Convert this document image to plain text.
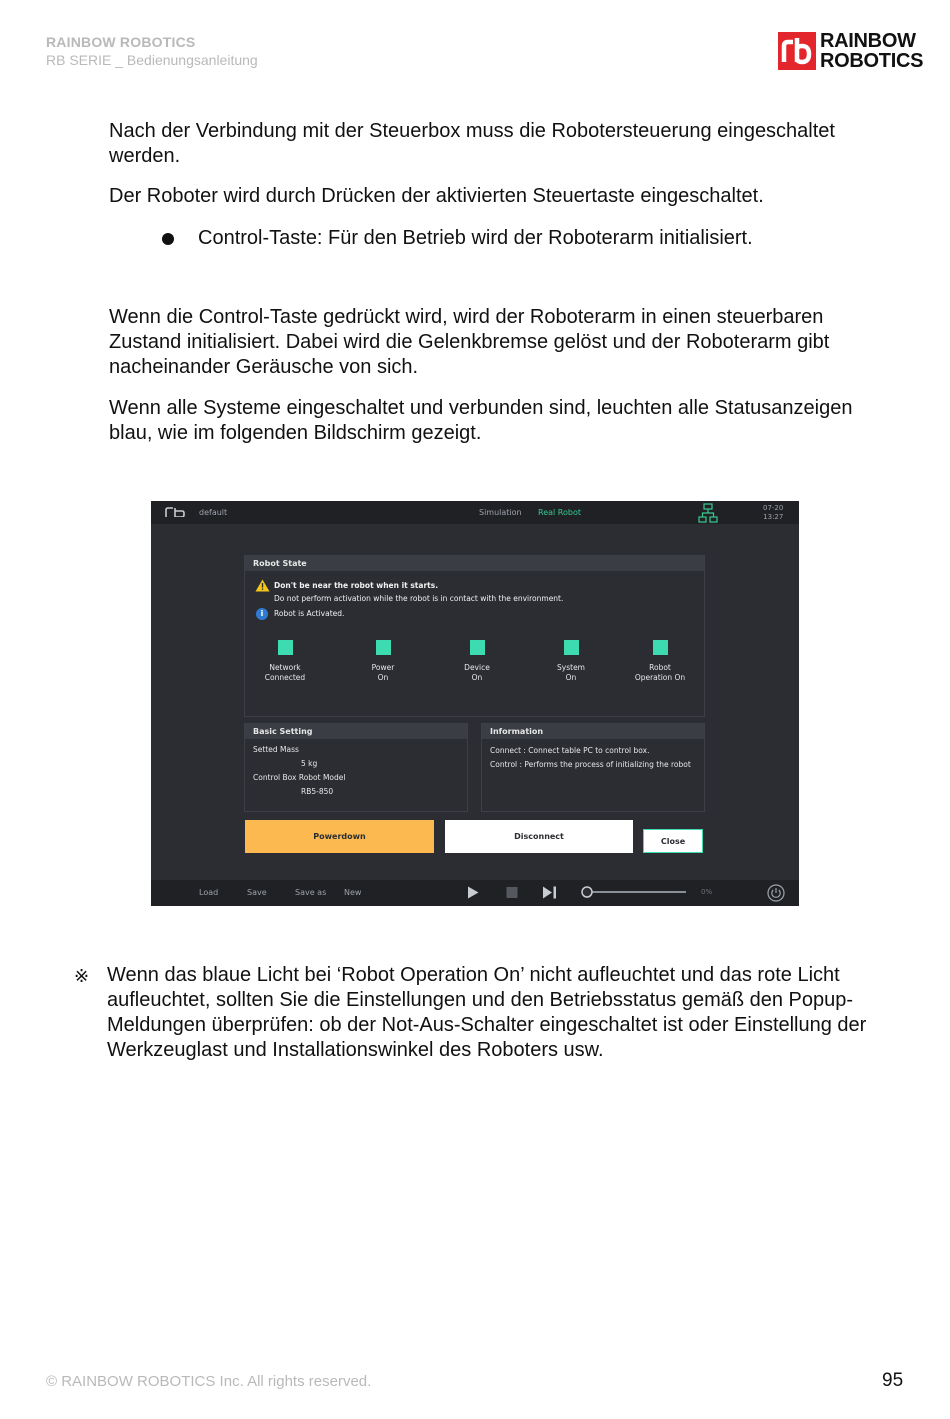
RAINBOW ROBOTICS
RB SERIE _ Bedienungsanleitung
RAINBOW
ROBOTICS

Nach der Verbindung mit der Steuerbox muss die Robotersteuerung eingeschaltet werden.

Der Roboter wird durch Drücken der aktivierten Steuertaste eingeschaltet.

Control-Taste: Für den Betrieb wird der Roboterarm initialisiert.

Wenn die Control-Taste gedrückt wird, wird der Roboterarm in einen steuerbaren Zustand initialisiert. Dabei wird die Gelenkbremse gelöst und der Roboterarm gibt nacheinander Geräusche von sich.

Wenn alle Systeme eingeschaltet und verbunden sind, leuchten alle Statusanzeigen blau, wie im folgenden Bildschirm gezeigt.

default	Simulation Real Robot	07-20
13:27
Robot State
Don't be near the robot when it starts.
Do not perform activation while the robot is in contact with the environment.
i	Robot is Activated.
Network
Connected
Power
On
Device
On
System
On
Robot
Operation On
Basic Setting
Setted Mass
5 kg
Control Box Robot Model
RB5-850
Information
Connect : Connect table PC to control box.
Control : Performs the process of initializing the robot
Powerdown	Disconnect
Close
Load	Save	Save as New	0%
※ Wenn das blaue Licht bei ‘Robot Operation On’ nicht aufleuchtet und das rote Licht aufleuchtet, sollten Sie die Einstellungen und den Betriebsstatus gemäß den Popup-Meldungen überprüfen: ob der Not-Aus-Schalter eingeschaltet ist oder Einstellung der Werkzeuglast und Installationswinkel des Roboters usw.

© RAINBOW ROBOTICS Inc. All rights reserved.	95
